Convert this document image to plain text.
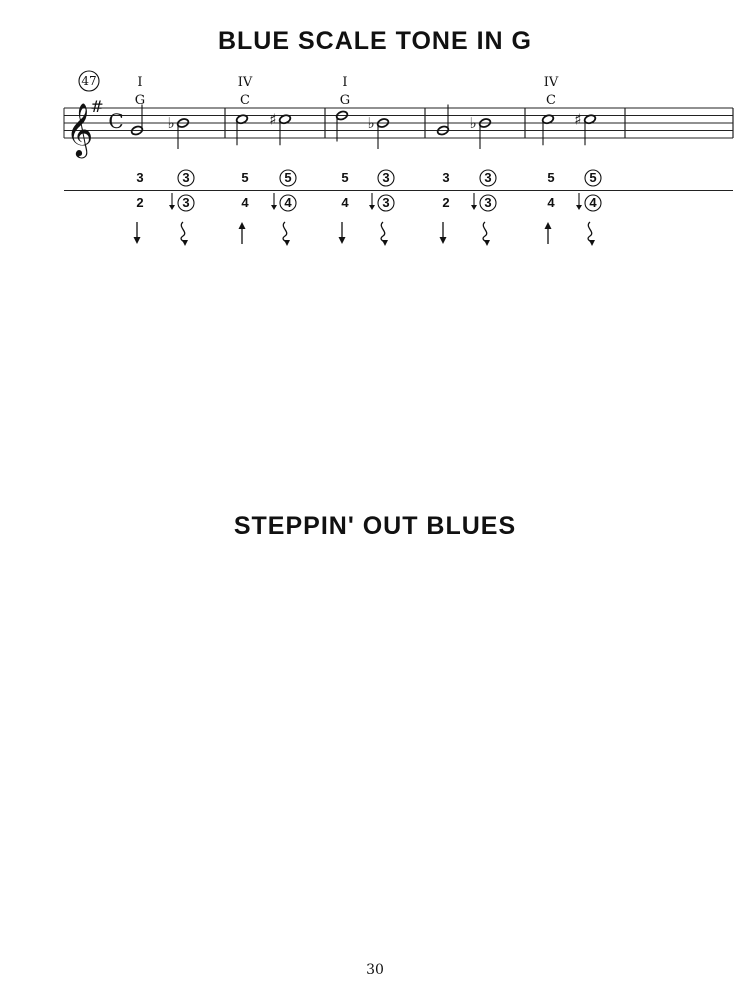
BLUE SCALE TONE IN G
STEPPIN' OUT BLUES
𝄞
#
C
47	I
G
3
2
♭
3
3
IV
C
5
4
♯
5
4
I
G
5
4
♭
3
3
3
2
♭
3
3
IV
C
5
4
♯
5
4
30
